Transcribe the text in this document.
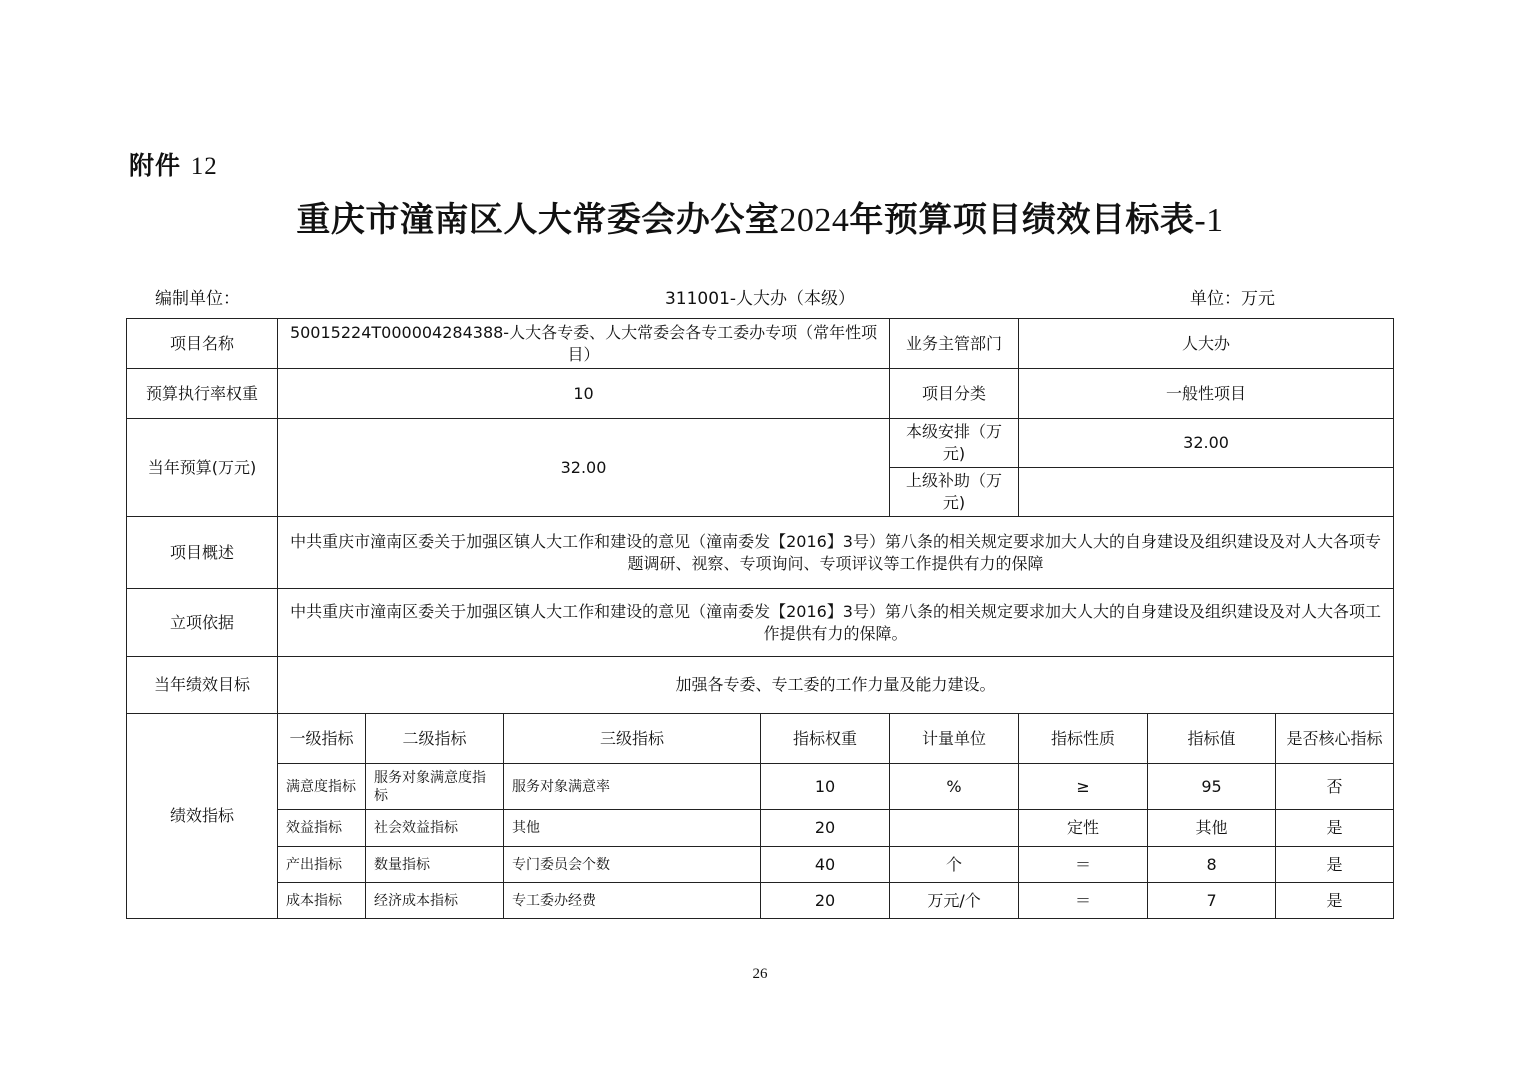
附件 12
重庆市潼南区人大常委会办公室2024年预算项目绩效目标表-1
编制单位：	311001-人大办（本级）	单位：万元
项目名称	50015224T000004284388-人大各专委、人大常委会各专工委办专项（常年性项目）				业务主管部门	人大办		
预算执行率权重	10				项目分类	一般性项目		
当年预算(万元)	32.00				本级安排（万元)	32.00		
					上级补助（万元)			
项目概述	中共重庆市潼南区委关于加强区镇人大工作和建设的意见（潼南委发【2016】3号）第八条的相关规定要求加大人大的自身建设及组织建设及对人大各项专题调研、视察、专项询问、专项评议等工作提供有力的保障							
立项依据	中共重庆市潼南区委关于加强区镇人大工作和建设的意见（潼南委发【2016】3号）第八条的相关规定要求加大人大的自身建设及组织建设及对人大各项工作提供有力的保障。							
当年绩效目标	加强各专委、专工委的工作力量及能力建设。							
绩效指标	一级指标	二级指标	三级指标	指标权重	计量单位	指标性质	指标值	是否核心指标
	满意度指标	服务对象满意度指标	服务对象满意率	10	%	≥	95	否
	效益指标	社会效益指标	其他	20		定性	其他	是
	产出指标	数量指标	专门委员会个数	40	个	＝	8	是
	成本指标	经济成本指标	专工委办经费	20	万元/个	＝	7	是
26
